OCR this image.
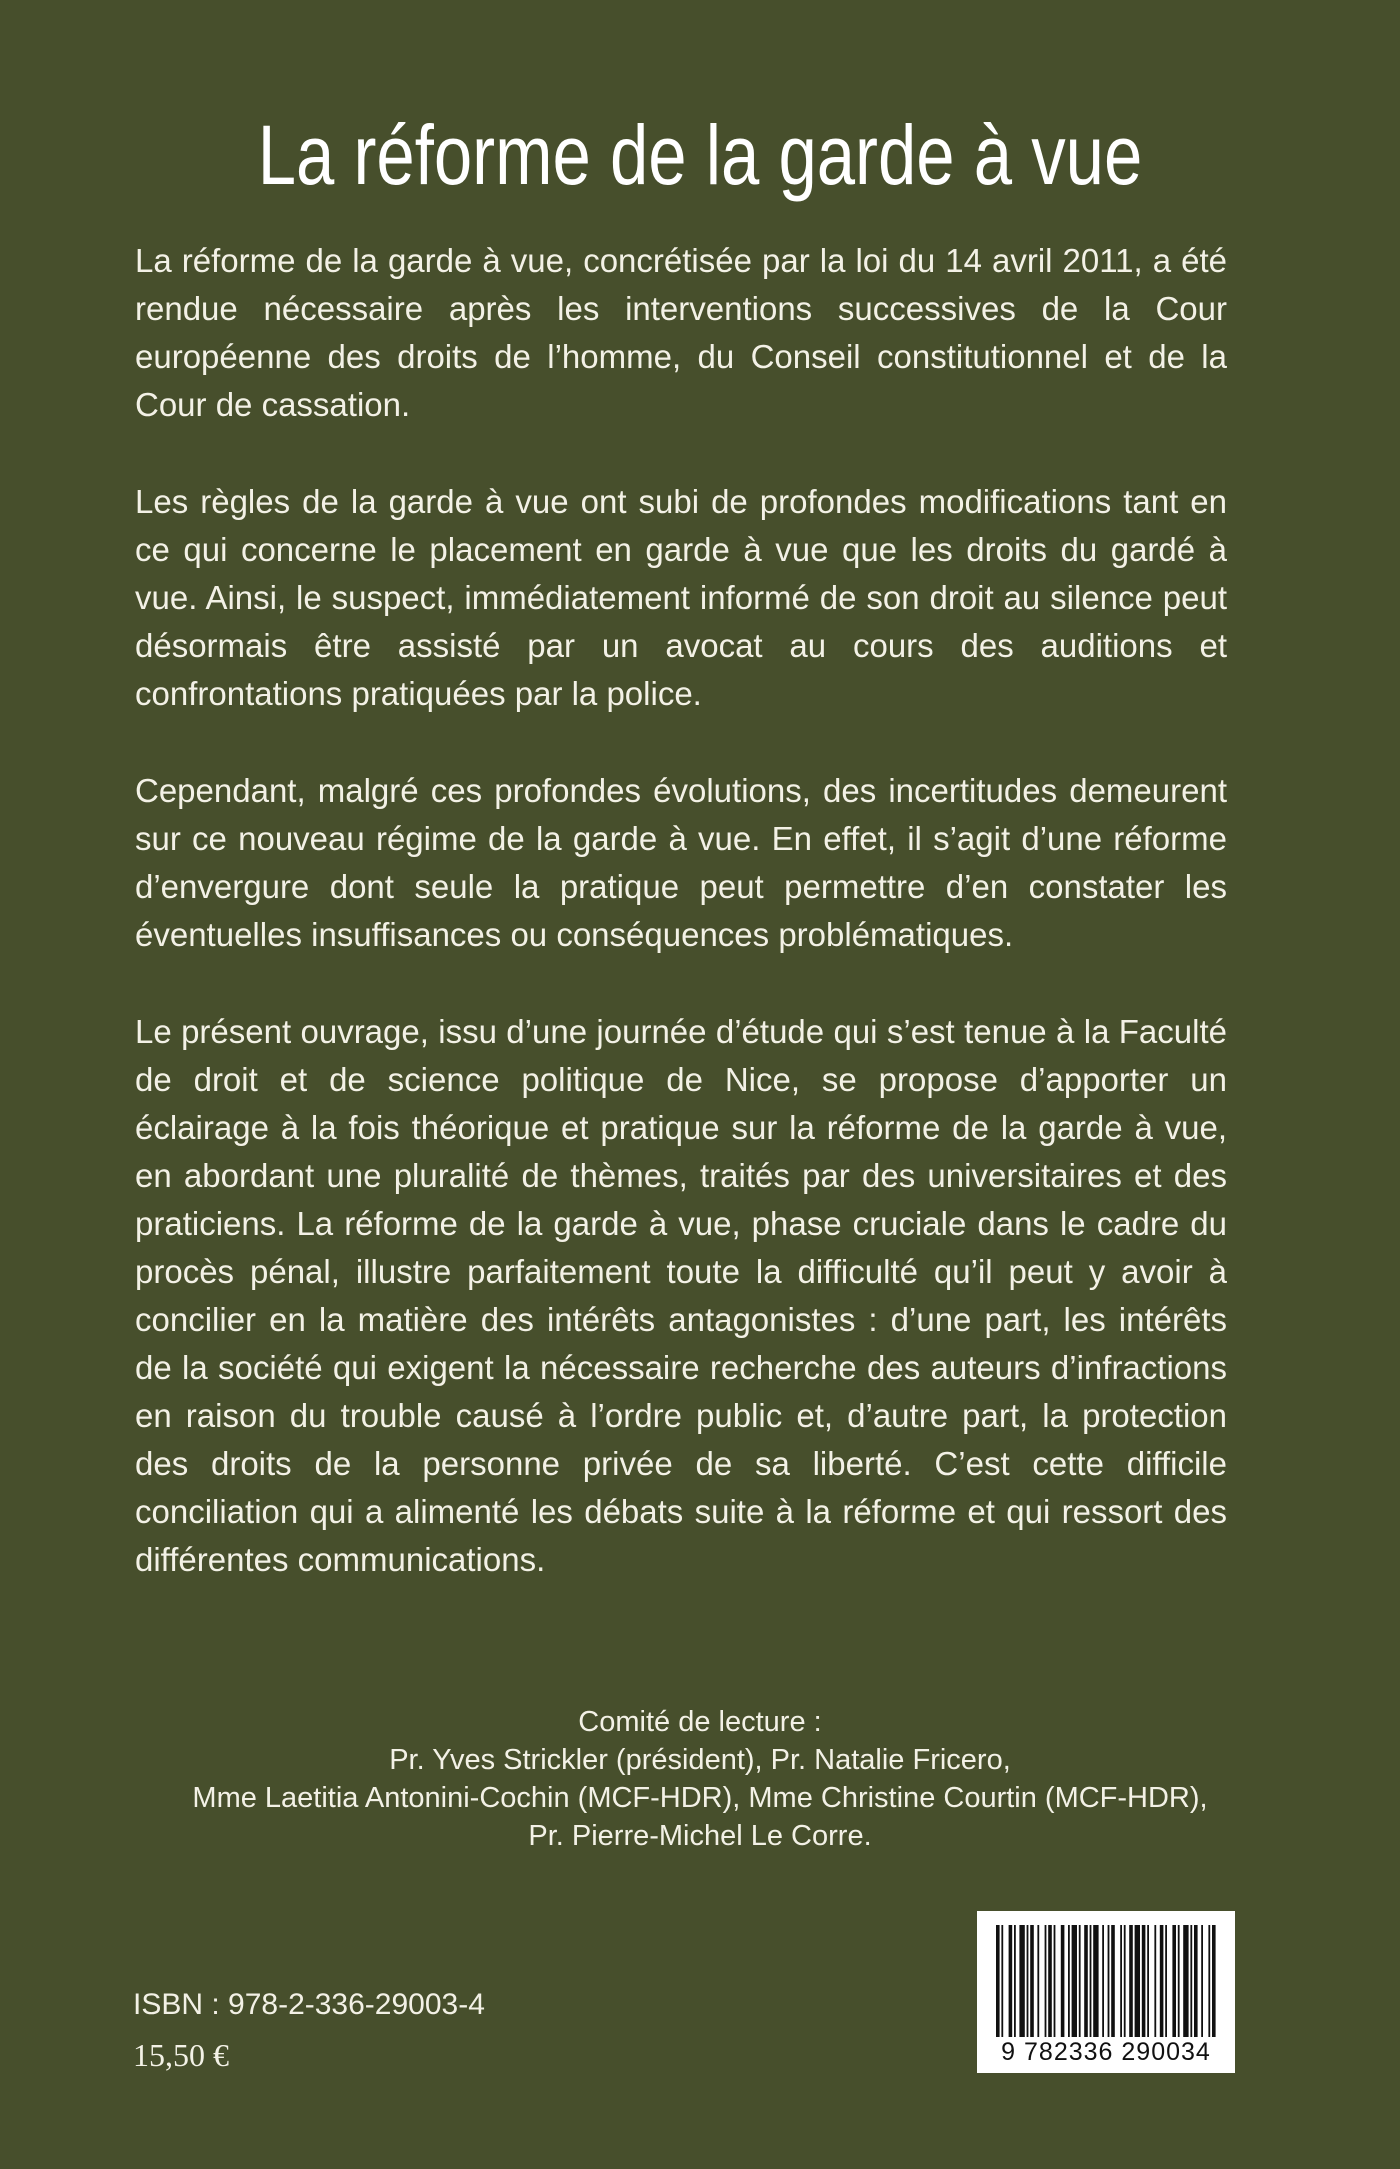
La réforme de la garde à vue

La réforme de la garde à vue, concrétisée par la loi du 14 avril 2011, a été rendue nécessaire après les interventions successives de la Cour européenne des droits de l’homme, du Conseil constitutionnel et de la Cour de cassation.

Les règles de la garde à vue ont subi de profondes modifications tant en ce qui concerne le placement en garde à vue que les droits du gardé à vue. Ainsi, le suspect, immédiatement informé de son droit au silence peut désormais être assisté par un avocat au cours des auditions et confrontations pratiquées par la police.

Cependant, malgré ces profondes évolutions, des incertitudes demeurent sur ce nouveau régime de la garde à vue. En effet, il s’agit d’une réforme d’envergure dont seule la pratique peut permettre d’en constater les éventuelles insuffisances ou conséquences problématiques.

Le présent ouvrage, issu d’une journée d’étude qui s’est tenue à la Faculté de droit et de science politique de Nice, se propose d’apporter un éclairage à la fois théorique et pratique sur la réforme de la garde à vue, en abordant une pluralité de thèmes, traités par des universitaires et des praticiens. La réforme de la garde à vue, phase cruciale dans le cadre du procès pénal, illustre parfaitement toute la difficulté qu’il peut y avoir à concilier en la matière des intérêts antagonistes : d’une part, les intérêts de la société qui exigent la nécessaire recherche des auteurs d’infractions en raison du trouble causé à l’ordre public et, d’autre part, la protection des droits de la personne privée de sa liberté. C’est cette difficile conciliation qui a alimenté les débats suite à la réforme et qui ressort des différentes communications.

Comité de lecture :
Pr. Yves Strickler (président), Pr. Natalie Fricero,
Mme Laetitia Antonini-Cochin (MCF-HDR), Mme Christine Courtin (MCF-HDR),
Pr. Pierre-Michel Le Corre.
ISBN : 978-2-336-29003-4
15,50 €	9 782336 290034
